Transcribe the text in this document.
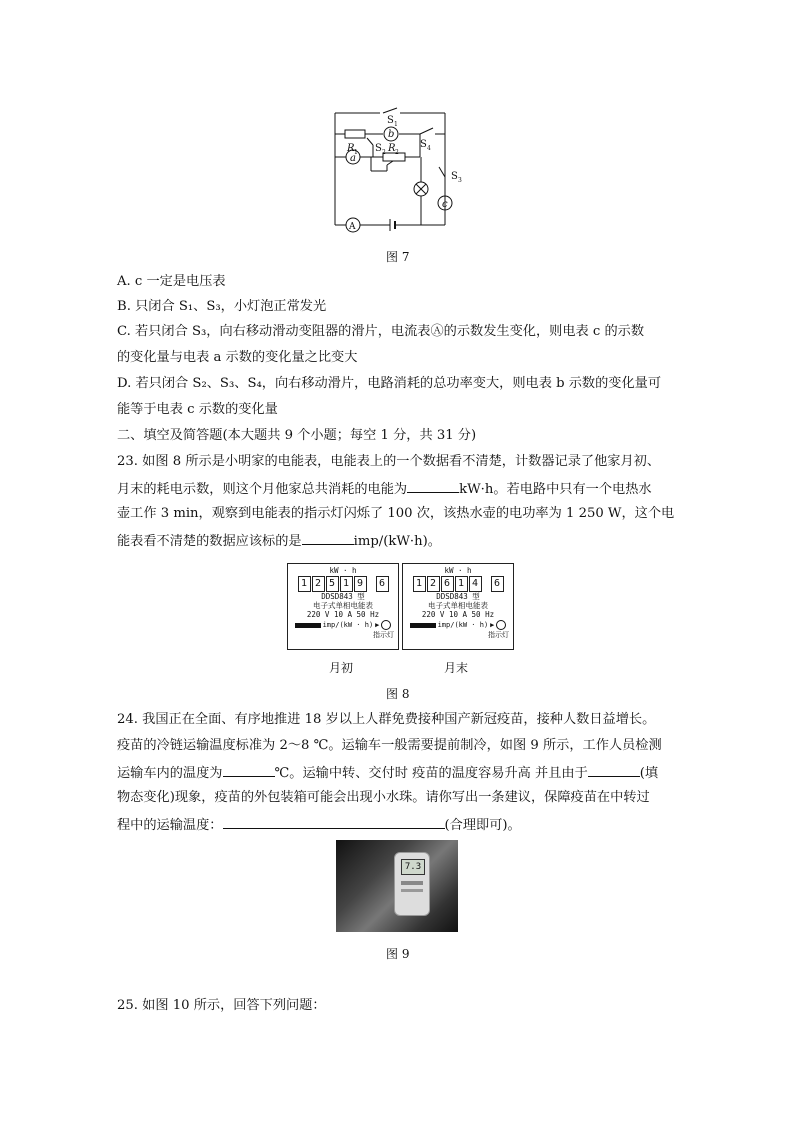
S 1
b
S 4
R 1 S 2 R 2
a
S 3
c
A
图 7
A. c 一定是电压表
B. 只闭合 S₁、S₃，小灯泡正常发光
C. 若只闭合 S₃，向右移动滑动变阻器的滑片，电流表Ⓐ的示数发生变化，则电表 c 的示数
的变化量与电表 a 示数的变化量之比变大
D. 若只闭合 S₂、S₃、S₄，向右移动滑片，电路消耗的总功率变大，则电表 b 示数的变化量可
能等于电表 c 示数的变化量
二、填空及简答题(本大题共 9 个小题；每空 1 分，共 31 分)
23. 如图 8 所示是小明家的电能表，电能表上的一个数据看不清楚，计数器记录了他家月初、
月末的耗电示数，则这个月他家总共消耗的电能为	kW·h。若电路中只有一个电热水
壶工作 3 min，观察到电能表的指示灯闪烁了 100 次，该热水壶的电功率为 1 250 W，这个电
能表看不清楚的数据应该标的是	imp/(kW·h)。
kW · h
1 2 5 1 9	6
DDSD843 型
电子式单相电能表
220 V 10 A 50 Hz
imp/(kW · h) ▶
指示灯
kW · h
1 2 6 1 4	6
DDSD843 型
电子式单相电能表
220 V 10 A 50 Hz
imp/(kW · h) ▶
指示灯
月初	月末
图 8
24. 我国正在全面、有序地推进 18 岁以上人群免费接种国产新冠疫苗，接种人数日益增长。
疫苗的冷链运输温度标准为 2～8 ℃。运输车一般需要提前制冷，如图 9 所示，工作人员检测
运输车内的温度为	℃。运输中转、交付时 疫苗的温度容易升高 并且由于	(填
物态变化)现象，疫苗的外包装箱可能会出现小水珠。请你写出一条建议，保障疫苗在中转过
程中的运输温度：	(合理即可)。
7.3
图 9
25. 如图 10 所示，回答下列问题：
